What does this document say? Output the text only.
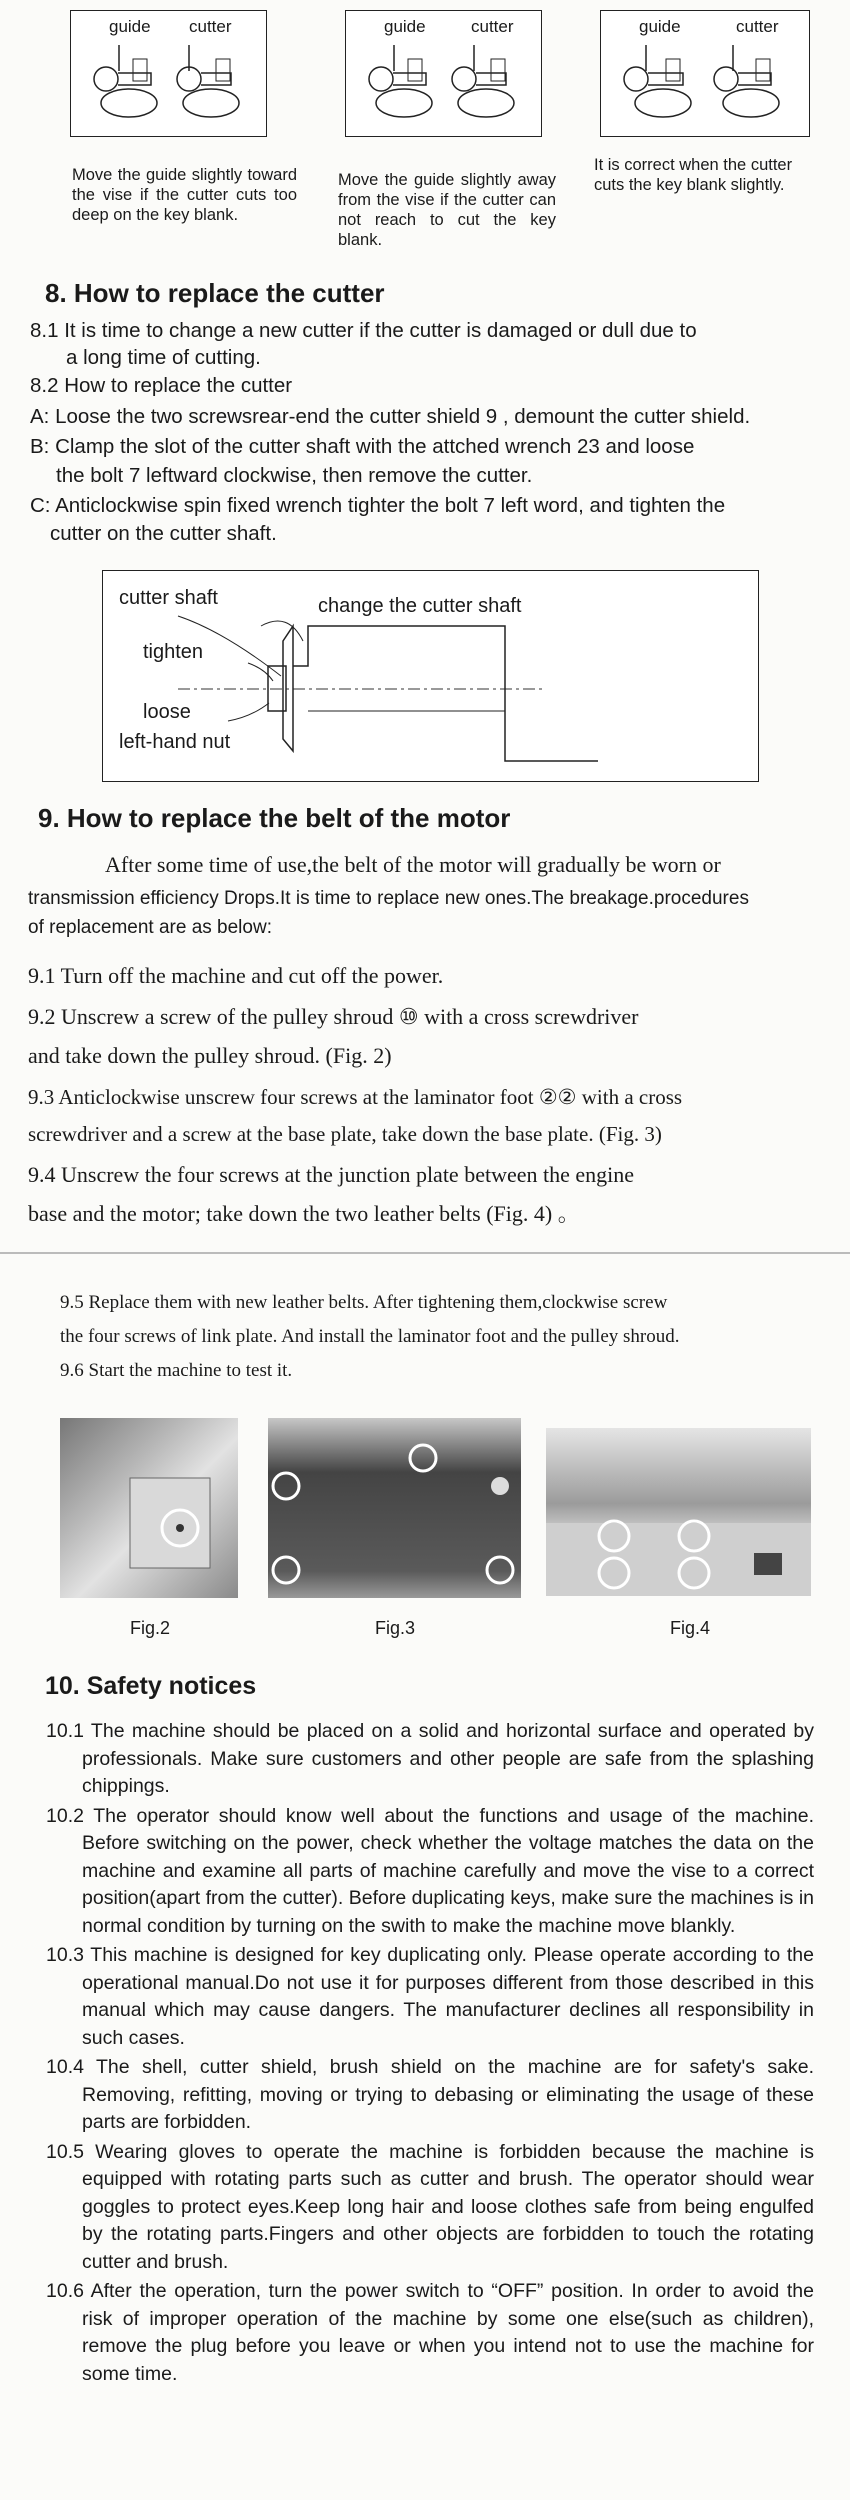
guide cutter	guide	cutter	guide	cutter

Move the guide slightly toward the vise if the cutter cuts too deep on the key blank.

Move the guide slightly away from the vise if the cutter can not reach to cut the key blank.

It is correct when the cutter cuts the key blank slightly.

8. How to replace the cutter
8.1 It is time to change a new cutter if the cutter is damaged or dull due to
a long time of cutting.
8.2 How to replace the cutter
A: Loose the two screwsrear-end the cutter shield 9 , demount the cutter shield.
B: Clamp the slot of the cutter shaft with the attched wrench 23 and loose
the bolt 7 leftward clockwise, then remove the cutter.
C: Anticlockwise spin fixed wrench tighter the bolt 7 left word, and tighten the
cutter on the cutter shaft.
cutter shaft	change the cutter shaft
tighten
loose
left-hand nut
9. How to replace the belt of the motor
After some time of use,the belt of the motor will gradually be worn or
transmission efficiency Drops.It is time to replace new ones.The breakage.procedures
of replacement are as below:
9.1 Turn off the machine and cut off the power.
9.2 Unscrew a screw of the pulley shroud ⑩ with a cross screwdriver
and take down the pulley shroud. (Fig. 2)
9.3 Anticlockwise unscrew four screws at the laminator foot ②② with a cross
screwdriver and a screw at the base plate, take down the base plate. (Fig. 3)
9.4 Unscrew the four screws at the junction plate between the engine
base and the motor; take down the two leather belts (Fig. 4) 。
9.5 Replace them with new leather belts. After tightening them,clockwise screw
the four screws of link plate. And install the laminator foot and the pulley shroud.
9.6 Start the machine to test it.
Fig.2	Fig.3	Fig.4
10. Safety notices

10.1 The machine should be placed on a solid and horizontal surface and operated by professionals. Make sure customers and other people are safe from the splashing chippings.

10.2 The operator should know well about the functions and usage of the machine. Before switching on the power, check whether the voltage matches the data on the machine and examine all parts of machine carefully and move the vise to a correct position(apart from the cutter). Before duplicating keys, make sure the machines is in normal condition by turning on the swith to make the machine move blankly.

10.3 This machine is designed for key duplicating only. Please operate according to the operational manual.Do not use it for purposes different from those described in this manual which may cause dangers. The manufacturer declines all responsibility in such cases.

10.4 The shell, cutter shield, brush shield on the machine are for safety's sake. Removing, refitting, moving or trying to debasing or eliminating the usage of these parts are forbidden.

10.5 Wearing gloves to operate the machine is forbidden because the machine is equipped with rotating parts such as cutter and brush. The operator should wear goggles to protect eyes.Keep long hair and loose clothes safe from being engulfed by the rotating parts.Fingers and other objects are forbidden to touch the rotating cutter and brush.

10.6 After the operation, turn the power switch to “OFF” position. In order to avoid the risk of improper operation of the machine by some one else(such as children), remove the plug before you leave or when you intend not to use the machine for some time.
